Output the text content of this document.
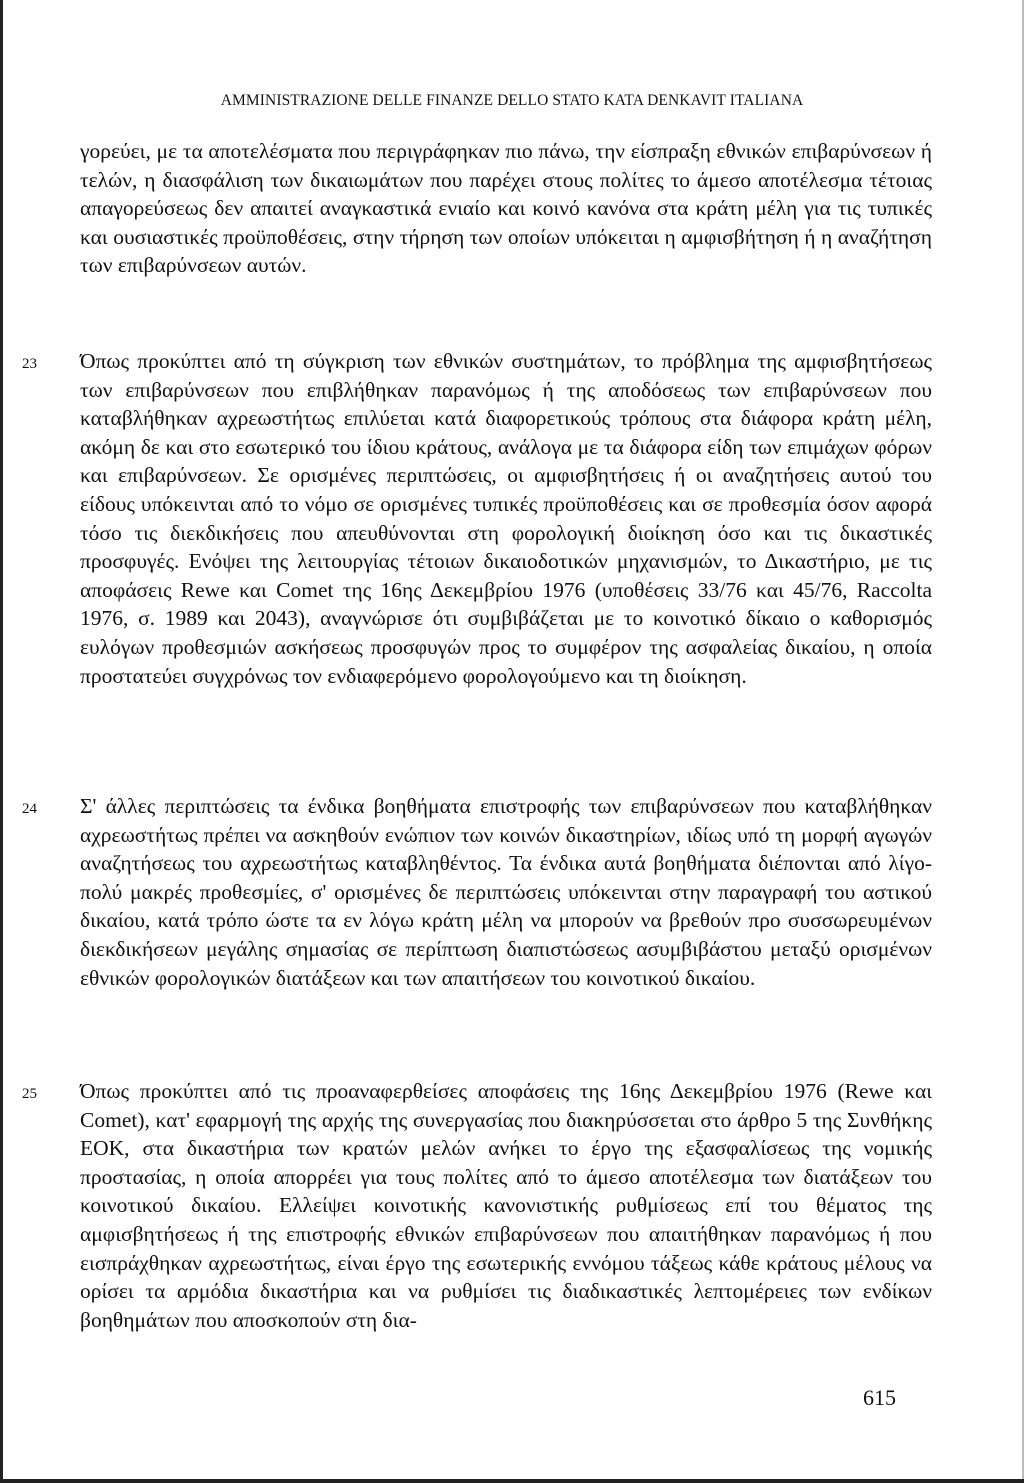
AMMINISTRAZIONE DELLE FINANZE DELLO STATO KATA DENKAVIT ITALIANA

γορεύει, με τα αποτελέσματα που περιγράφηκαν πιο πάνω, την είσπραξη εθνικών επιβαρύνσεων ή τελών, η διασφάλιση των δικαιωμάτων που παρέχει στους πολίτες το άμεσο αποτέλεσμα τέτοιας απαγορεύσεως δεν απαιτεί αναγκαστικά ενιαίο και κοινό κανόνα στα κράτη μέλη για τις τυπικές και ουσιαστικές προϋποθέσεις, στην τήρηση των οποίων υπόκειται η αμφισβήτηση ή η αναζήτηση των επιβαρύνσεων αυτών.

23 Όπως προκύπτει από τη σύγκριση των εθνικών συστημάτων, το πρόβλημα της αμφισβητήσεως των επιβαρύνσεων που επιβλήθηκαν παρανόμως ή της αποδόσεως των επιβαρύνσεων που καταβλήθηκαν αχρεωστήτως επιλύεται κατά διαφορετικούς τρόπους στα διάφορα κράτη μέλη, ακόμη δε και στο εσωτερικό του ίδιου κράτους, ανάλογα με τα διάφορα είδη των επιμάχων φόρων και επιβαρύνσεων. Σε ορισμένες περιπτώσεις, οι αμφισβητήσεις ή οι αναζητήσεις αυτού του είδους υπόκεινται από το νόμο σε ορισμένες τυπικές προϋποθέσεις και σε προθεσμία όσον αφορά τόσο τις διεκδικήσεις που απευθύνονται στη φορολογική διοίκηση όσο και τις δικαστικές προσφυγές. Ενόψει της λειτουργίας τέτοιων δικαιοδοτικών μηχανισμών, το Δικαστήριο, με τις αποφάσεις Rewe και Comet της 16ης Δεκεμβρίου 1976 (υποθέσεις 33/76 και 45/76, Raccolta 1976, σ. 1989 και 2043), αναγνώρισε ότι συμβιβάζεται με το κοινοτικό δίκαιο ο καθορισμός ευλόγων προθεσμιών ασκήσεως προσφυγών προς το συμφέρον της ασφαλείας δικαίου, η οποία προστατεύει συγχρόνως τον ενδιαφερόμενο φορολογούμενο και τη διοίκηση.

24 Σ' άλλες περιπτώσεις τα ένδικα βοηθήματα επιστροφής των επιβαρύνσεων που καταβλήθηκαν αχρεωστήτως πρέπει να ασκηθούν ενώπιον των κοινών δικαστηρίων, ιδίως υπό τη μορφή αγωγών αναζητήσεως του αχρεωστήτως καταβληθέντος. Τα ένδικα αυτά βοηθήματα διέπονται από λίγο-πολύ μακρές προθεσμίες, σ' ορισμένες δε περιπτώσεις υπόκεινται στην παραγραφή του αστικού δικαίου, κατά τρόπο ώστε τα εν λόγω κράτη μέλη να μπορούν να βρεθούν προ συσσωρευμένων διεκδικήσεων μεγάλης σημασίας σε περίπτωση διαπιστώσεως ασυμβιβάστου μεταξύ ορισμένων εθνικών φορολογικών διατάξεων και των απαιτήσεων του κοινοτικού δικαίου.

25 Όπως προκύπτει από τις προαναφερθείσες αποφάσεις της 16ης Δεκεμβρίου 1976 (Rewe και Comet), κατ' εφαρμογή της αρχής της συνεργασίας που διακηρύσσεται στο άρθρο 5 της Συνθήκης ΕΟΚ, στα δικαστήρια των κρατών μελών ανήκει το έργο της εξασφαλίσεως της νομικής προστασίας, η οποία απορρέει για τους πολίτες από το άμεσο αποτέλεσμα των διατάξεων του κοινοτικού δικαίου. Ελλείψει κοινοτικής κανονιστικής ρυθμίσεως επί του θέματος της αμφισβητήσεως ή της επιστροφής εθνικών επιβαρύνσεων που απαιτήθηκαν παρανόμως ή που εισπράχθηκαν αχρεωστήτως, είναι έργο της εσωτερικής εννόμου τάξεως κάθε κράτους μέλους να ορίσει τα αρμόδια δικαστήρια και να ρυθμίσει τις διαδικαστικές λεπτομέρειες των ενδίκων βοηθημάτων που αποσκοπούν στη δια-

615
